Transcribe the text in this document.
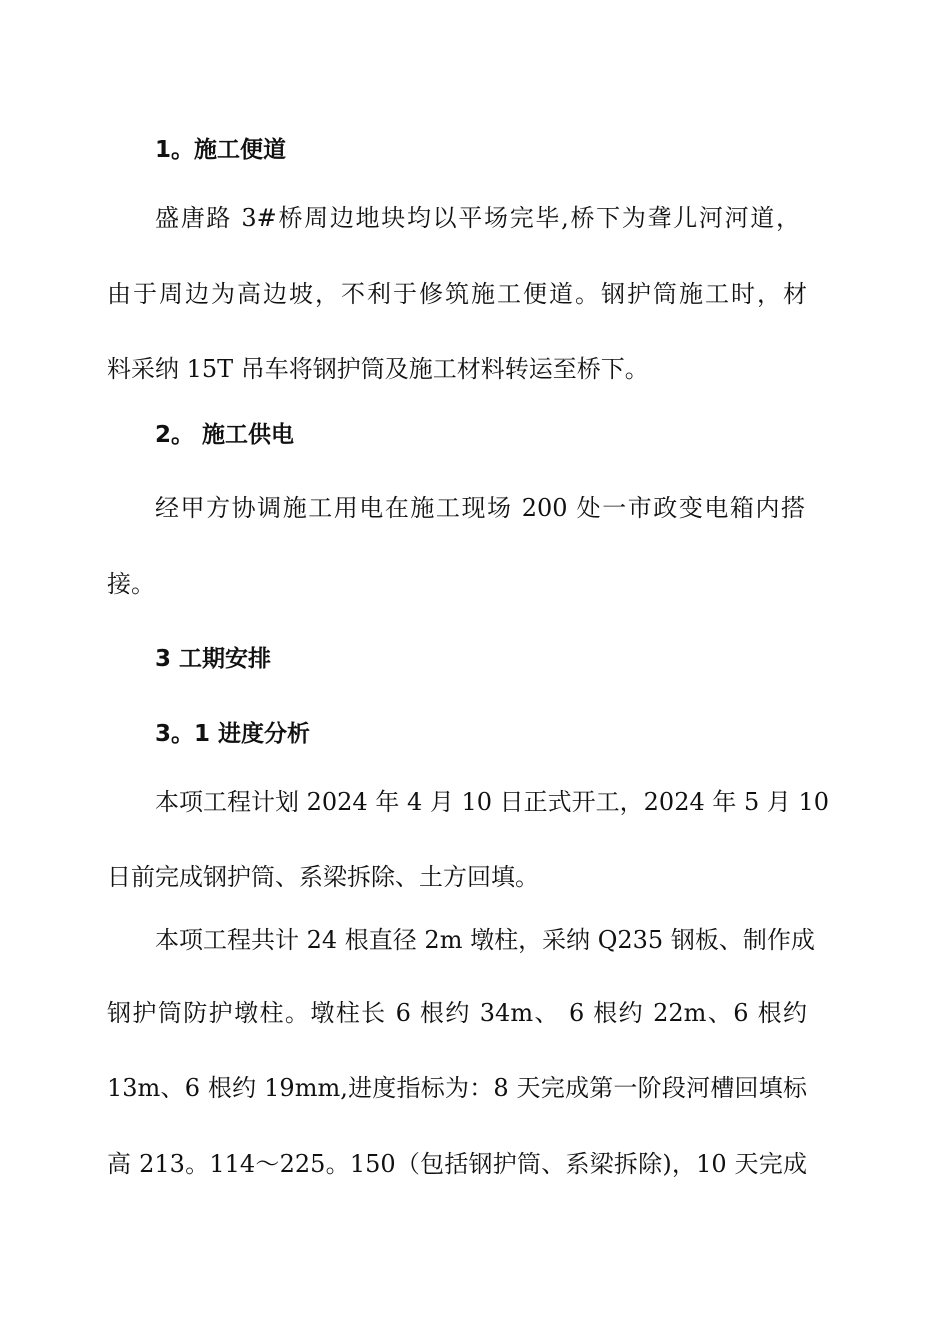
1。施工便道
盛唐路 3#桥周边地块均以平场完毕,桥下为聋儿河河道，
由于周边为高边坡，不利于修筑施工便道。钢护筒施工时，材
料采纳 15T 吊车将钢护筒及施工材料转运至桥下。
2。 施工供电
经甲方协调施工用电在施工现场 200 处一市政变电箱内搭
接。
3 工期安排
3。1 进度分析
本项工程计划 2024 年 4 月 10 日正式开工，2024 年 5 月 10
日前完成钢护筒、系梁拆除、土方回填。
本项工程共计 24 根直径 2m 墩柱，采纳 Q235 钢板、制作成
钢护筒防护墩柱。墩柱长 6 根约 34m、 6 根约 22m、6 根约
13m、6 根约 19mm,进度指标为：8 天完成第一阶段河槽回填标
高 213。114～225。150（包括钢护筒、系梁拆除)，10 天完成
